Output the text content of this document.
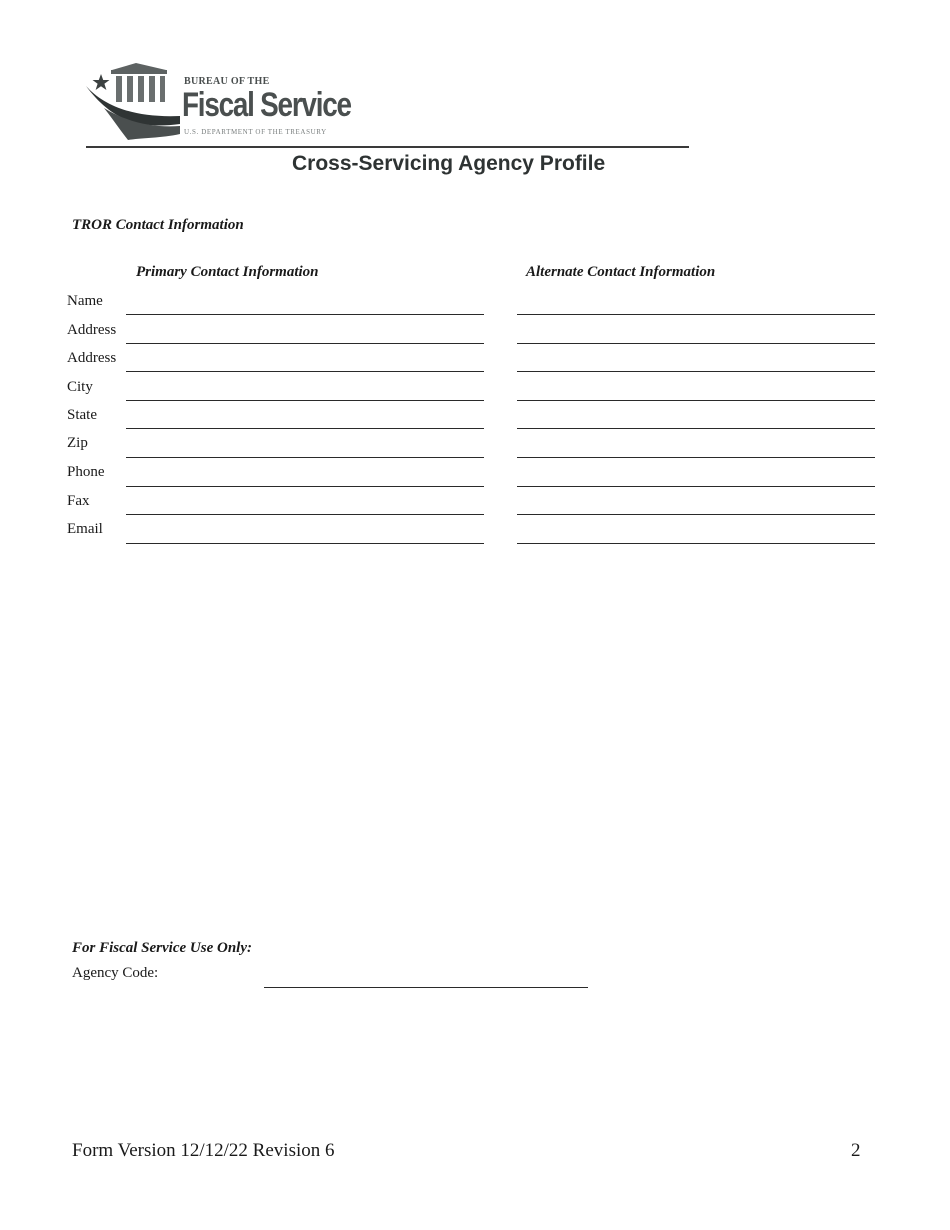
BUREAU OF THE
Fiscal Service
U.S. DEPARTMENT OF THE TREASURY
Cross-Servicing Agency Profile
TROR Contact Information
Primary Contact Information	Alternate Contact Information
Name
Address
Address
City
State
Zip
Phone
Fax
Email
For Fiscal Service Use Only:
Agency Code:
Form Version 12/12/22 Revision 6	2
